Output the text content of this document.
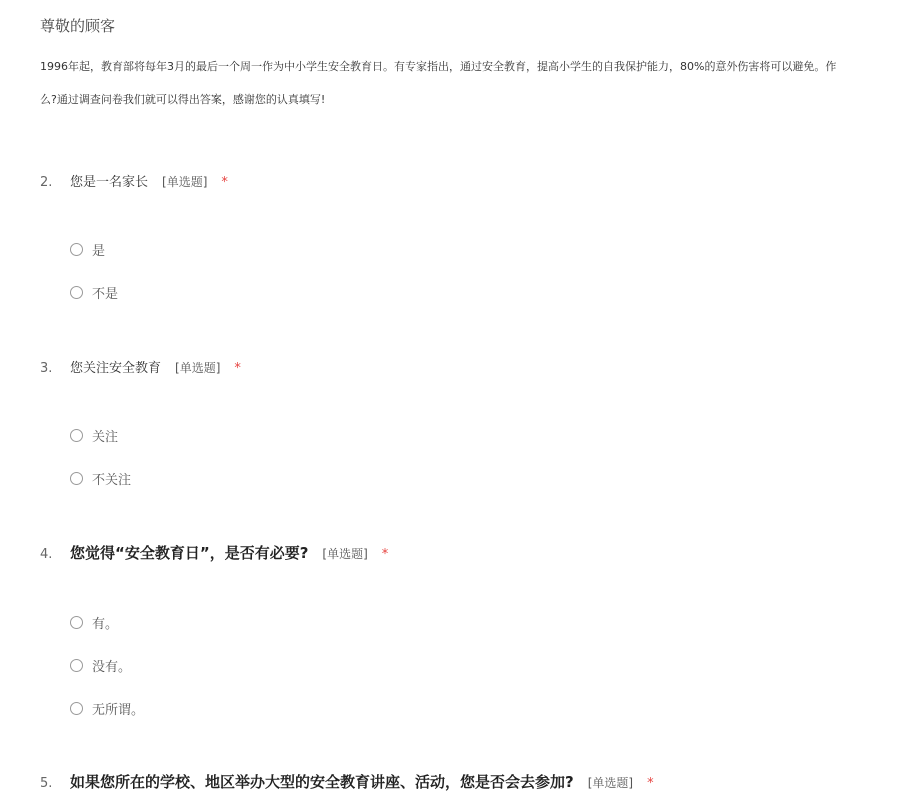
尊敬的顾客
1996年起，教育部将每年3月的最后一个周一作为中小学生安全教育日。有专家指出，通过安全教育，提高小学生的自我保护能力，80%的意外伤害将可以避免。作
么?通过调查问卷我们就可以得出答案，感谢您的认真填写!
2.	您是一名家长 [单选题] *
是
不是
3.	您关注安全教育 [单选题] *
关注
不关注
4.	您觉得“安全教育日”，是否有必要? [单选题] *
有。
没有。
无所谓。
5.	如果您所在的学校、地区举办大型的安全教育讲座、活动，您是否会去参加? [单选题] *
